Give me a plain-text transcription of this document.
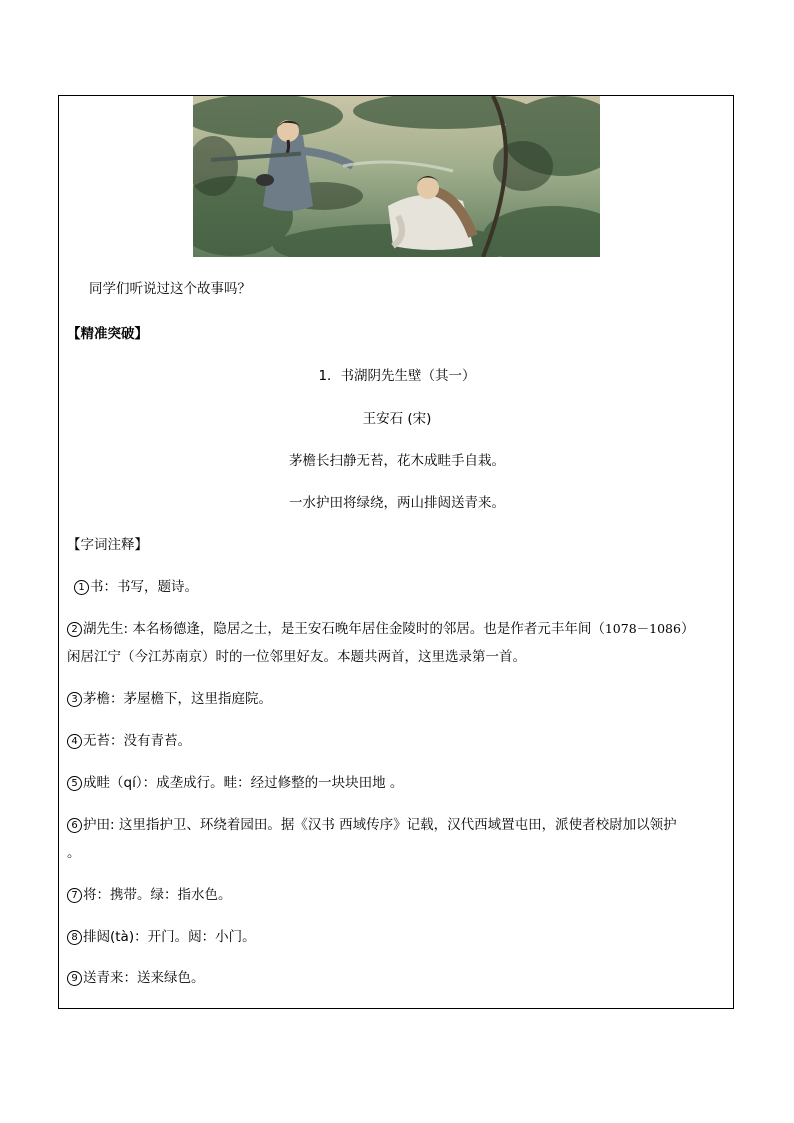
同学们听说过这个故事吗？
【精准突破】
1．书湖阴先生壁（其一）
王安石 (宋)
茅檐长扫静无苔，花木成畦手自栽。
一水护田将绿绕，两山排闼送青来。
【字词注释】
1 书：书写，题诗。
2 湖先生: 本名杨德逢，隐居之士，是王安石晚年居住金陵时的邻居。也是作者元丰年间（1078－1086）
闲居江宁（今江苏南京）时的一位邻里好友。本题共两首，这里选录第一首。
3 茅檐：茅屋檐下，这里指庭院。
4 无苔：没有青苔。
5 成畦（qí）：成垄成行。畦：经过修整的一块块田地 。
6 护田: 这里指护卫、环绕着园田。据《汉书 西域传序》记载，汉代西域置屯田，派使者校尉加以领护
。
7 将：携带。绿：指水色。
8 排闼(tà)：开门。闼：小门。
9 送青来：送来绿色。
